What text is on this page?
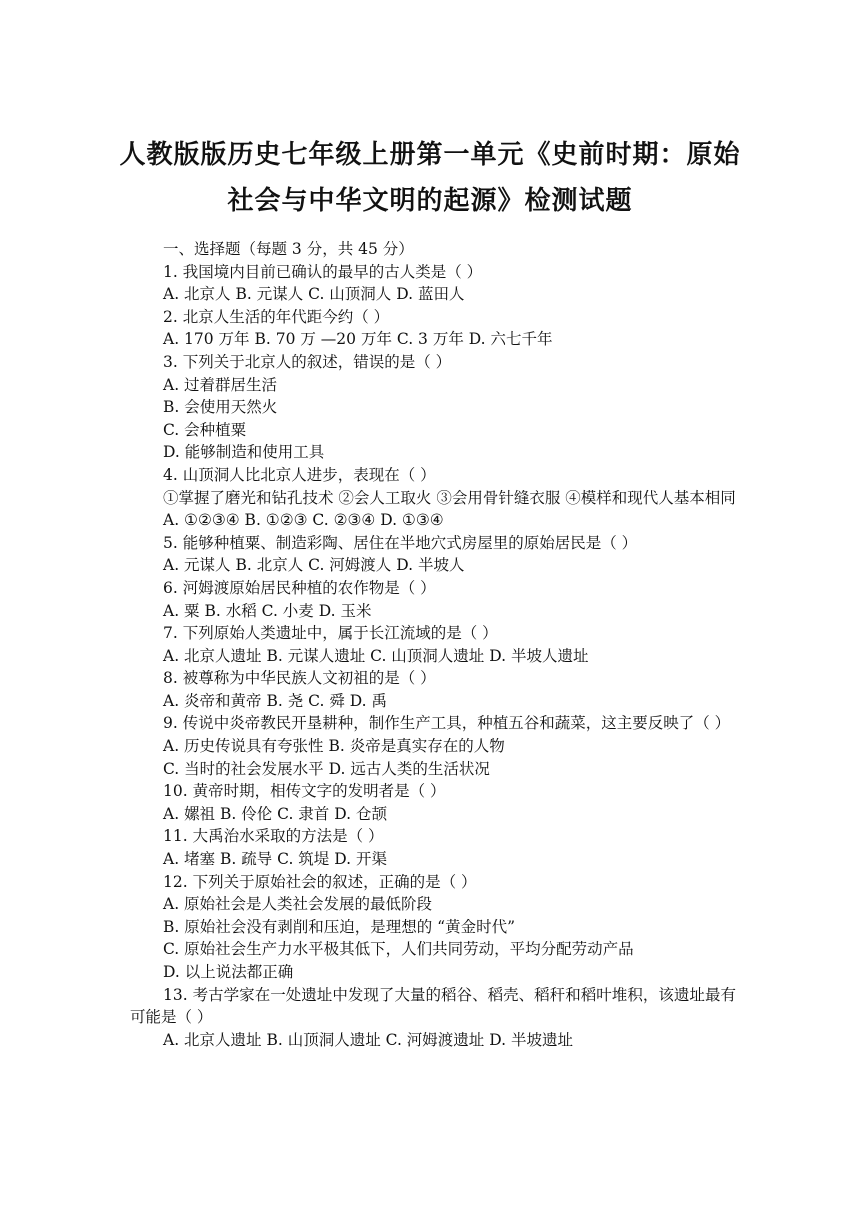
人教版版历史七年级上册第一单元《史前时期：原始
社会与中华文明的起源》检测试题
一、选择题（每题 3 分，共 45 分）
1. 我国境内目前已确认的最早的古人类是（ ）
A. 北京人 B. 元谋人 C. 山顶洞人 D. 蓝田人
2. 北京人生活的年代距今约（ ）
A. 170 万年 B. 70 万 —20 万年 C. 3 万年 D. 六七千年
3. 下列关于北京人的叙述，错误的是（ ）
A. 过着群居生活
B. 会使用天然火
C. 会种植粟
D. 能够制造和使用工具
4. 山顶洞人比北京人进步，表现在（ ）
①掌握了磨光和钻孔技术 ②会人工取火 ③会用骨针缝衣服 ④模样和现代人基本相同
A. ①②③④ B. ①②③ C. ②③④ D. ①③④
5. 能够种植粟、制造彩陶、居住在半地穴式房屋里的原始居民是（ ）
A. 元谋人 B. 北京人 C. 河姆渡人 D. 半坡人
6. 河姆渡原始居民种植的农作物是（ ）
A. 粟 B. 水稻 C. 小麦 D. 玉米
7. 下列原始人类遗址中，属于长江流域的是（ ）
A. 北京人遗址 B. 元谋人遗址 C. 山顶洞人遗址 D. 半坡人遗址
8. 被尊称为中华民族人文初祖的是（ ）
A. 炎帝和黄帝 B. 尧 C. 舜 D. 禹
9. 传说中炎帝教民开垦耕种，制作生产工具，种植五谷和蔬菜，这主要反映了（ ）
A. 历史传说具有夸张性 B. 炎帝是真实存在的人物
C. 当时的社会发展水平 D. 远古人类的生活状况
10. 黄帝时期，相传文字的发明者是（ ）
A. 嫘祖 B. 伶伦 C. 隶首 D. 仓颉
11. 大禹治水采取的方法是（ ）
A. 堵塞 B. 疏导 C. 筑堤 D. 开渠
12. 下列关于原始社会的叙述，正确的是（ ）
A. 原始社会是人类社会发展的最低阶段
B. 原始社会没有剥削和压迫，是理想的 “黄金时代”
C. 原始社会生产力水平极其低下，人们共同劳动，平均分配劳动产品
D. 以上说法都正确
13. 考古学家在一处遗址中发现了大量的稻谷、稻壳、稻秆和稻叶堆积，该遗址最有可能是（ ）
A. 北京人遗址 B. 山顶洞人遗址 C. 河姆渡遗址 D. 半坡遗址
